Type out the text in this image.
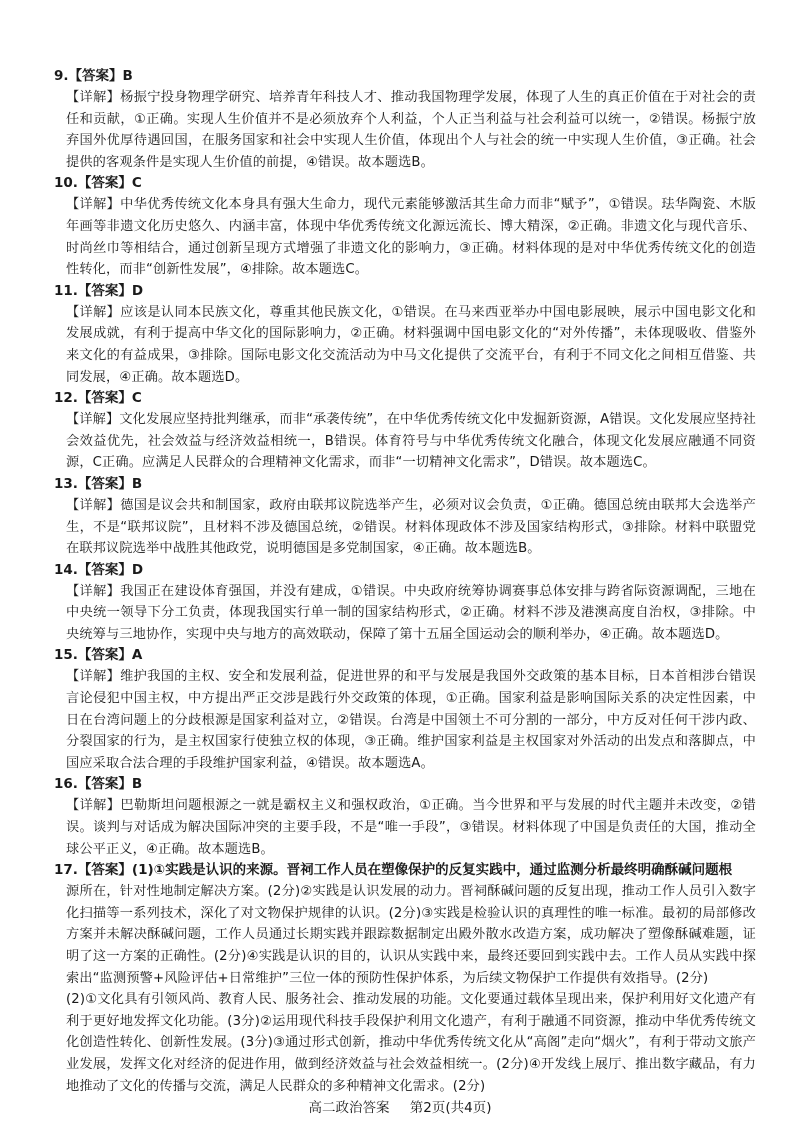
9.【答案】B

【详解】杨振宁投身物理学研究、培养青年科技人才、推动我国物理学发展，体现了人生的真正价值在于对社会的责任和贡献，①正确。实现人生价值并不是必须放弃个人利益，个人正当利益与社会利益可以统一，②错误。杨振宁放弃国外优厚待遇回国，在服务国家和社会中实现人生价值，体现出个人与社会的统一中实现人生价值，③正确。社会提供的客观条件是实现人生价值的前提，④错误。故本题选B。

10.【答案】C

【详解】中华优秀传统文化本身具有强大生命力，现代元素能够激活其生命力而非“赋予”，①错误。珐华陶瓷、木版年画等非遗文化历史悠久、内涵丰富，体现中华优秀传统文化源远流长、博大精深，②正确。非遗文化与现代音乐、时尚丝巾等相结合，通过创新呈现方式增强了非遗文化的影响力，③正确。材料体现的是对中华优秀传统文化的创造性转化，而非“创新性发展”，④排除。故本题选C。

11.【答案】D

【详解】应该是认同本民族文化，尊重其他民族文化，①错误。在马来西亚举办中国电影展映，展示中国电影文化和发展成就，有利于提高中华文化的国际影响力，②正确。材料强调中国电影文化的“对外传播”，未体现吸收、借鉴外来文化的有益成果，③排除。国际电影文化交流活动为中马文化提供了交流平台，有利于不同文化之间相互借鉴、共同发展，④正确。故本题选D。

12.【答案】C

【详解】文化发展应坚持批判继承，而非“承袭传统”，在中华优秀传统文化中发掘新资源，A错误。文化发展应坚持社会效益优先，社会效益与经济效益相统一，B错误。体育符号与中华优秀传统文化融合，体现文化发展应融通不同资源，C正确。应满足人民群众的合理精神文化需求，而非“一切精神文化需求”，D错误。故本题选C。

13.【答案】B

【详解】德国是议会共和制国家，政府由联邦议院选举产生，必须对议会负责，①正确。德国总统由联邦大会选举产生，不是“联邦议院”，且材料不涉及德国总统，②错误。材料体现政体不涉及国家结构形式，③排除。材料中联盟党在联邦议院选举中战胜其他政党，说明德国是多党制国家，④正确。故本题选B。

14.【答案】D

【详解】我国正在建设体育强国，并没有建成，①错误。中央政府统筹协调赛事总体安排与跨省际资源调配，三地在中央统一领导下分工负责，体现我国实行单一制的国家结构形式，②正确。材料不涉及港澳高度自治权，③排除。中央统筹与三地协作，实现中央与地方的高效联动，保障了第十五届全国运动会的顺利举办，④正确。故本题选D。

15.【答案】A

【详解】维护我国的主权、安全和发展利益，促进世界的和平与发展是我国外交政策的基本目标，日本首相涉台错误言论侵犯中国主权，中方提出严正交涉是践行外交政策的体现，①正确。国家利益是影响国际关系的决定性因素，中日在台湾问题上的分歧根源是国家利益对立，②错误。台湾是中国领土不可分割的一部分，中方反对任何干涉内政、分裂国家的行为，是主权国家行使独立权的体现，③正确。维护国家利益是主权国家对外活动的出发点和落脚点，中国应采取合法合理的手段维护国家利益，④错误。故本题选A。

16.【答案】B

【详解】巴勒斯坦问题根源之一就是霸权主义和强权政治，①正确。当今世界和平与发展的时代主题并未改变，②错误。谈判与对话成为解决国际冲突的主要手段，不是“唯一手段”，③错误。材料体现了中国是负责任的大国，推动全球公平正义，④正确。故本题选B。

17.【答案】(1)①实践是认识的来源。晋祠工作人员在塑像保护的反复实践中，通过监测分析最终明确酥碱问题根

源所在，针对性地制定解决方案。(2分)②实践是认识发展的动力。晋祠酥碱问题的反复出现，推动工作人员引入数字化扫描等一系列技术，深化了对文物保护规律的认识。(2分)③实践是检验认识的真理性的唯一标准。最初的局部修改方案并未解决酥碱问题，工作人员通过长期实践并跟踪数据制定出殿外散水改造方案，成功解决了塑像酥碱难题，证明了这一方案的正确性。(2分)④实践是认识的目的，认识从实践中来，最终还要回到实践中去。工作人员从实践中探索出“监测预警+风险评估+日常维护”三位一体的预防性保护体系，为后续文物保护工作提供有效指导。(2分)

(2)①文化具有引领风尚、教育人民、服务社会、推动发展的功能。文化要通过载体呈现出来，保护利用好文化遗产有利于更好地发挥文化功能。(3分)②运用现代科技手段保护利用文化遗产，有利于融通不同资源，推动中华优秀传统文化创造性转化、创新性发展。(3分)③通过形式创新，推动中华优秀传统文化从“高阁”走向“烟火”，有利于带动文旅产业发展，发挥文化对经济的促进作用，做到经济效益与社会效益相统一。(2分)④开发线上展厅、推出数字藏品，有力地推动了文化的传播与交流，满足人民群众的多种精神文化需求。(2分)

高二政治答案 第2页(共4页)
